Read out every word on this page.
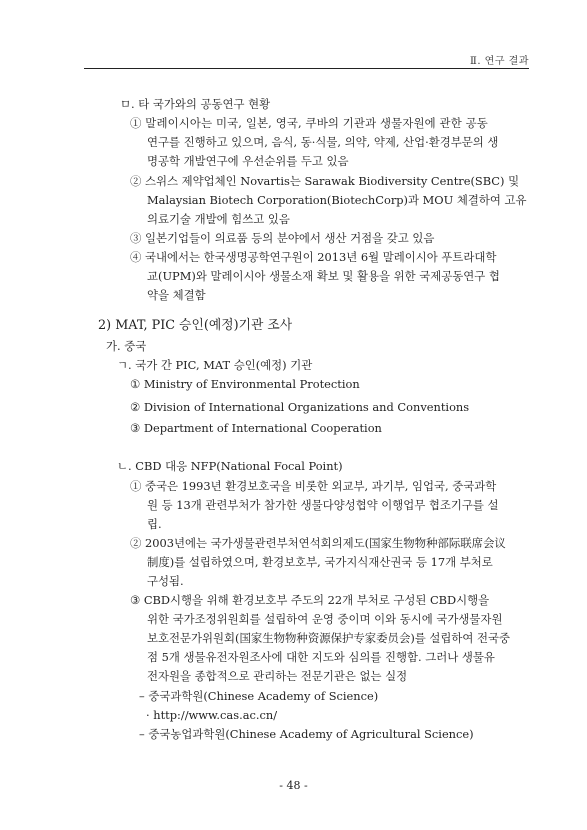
Ⅱ. 연구 결과
ㅁ. 타 국가와의 공동연구 현황
① 말레이시아는 미국, 일본, 영국, 쿠바의 기관과 생물자원에 관한 공동
연구를 진행하고 있으며, 음식, 동·식물, 의약, 약제, 산업·환경부문의 생
명공학 개발연구에 우선순위를 두고 있음
② 스위스 제약업체인 Novartis는 Sarawak Biodiversity Centre(SBC) 및
Malaysian Biotech Corporation(BiotechCorp)과 MOU 체결하여 고유
의료기술 개발에 힘쓰고 있음
③ 일본기업들이 의료품 등의 분야에서 생산 거점을 갖고 있음
④ 국내에서는 한국생명공학연구원이 2013년 6월 말레이시아 푸트라대학
교(UPM)와 말레이시아 생물소재 확보 및 활용을 위한 국제공동연구 협
약을 체결함
2) MAT, PIC 승인(예정)기관 조사
가. 중국
ㄱ. 국가 간 PIC, MAT 승인(예정) 기관
① Ministry of Environmental Protection
② Division of International Organizations and Conventions
③ Department of International Cooperation
ㄴ. CBD 대응 NFP(National Focal Point)
① 중국은 1993년 환경보호국을 비롯한 외교부, 과기부, 임업국, 중국과학
원 등 13개 관련부처가 참가한 생물다양성협약 이행업무 협조기구를 설
립.
② 2003년에는 국가생물관련부처연석회의제도(国家生物物种部际联席会议
制度)를 설립하였으며, 환경보호부, 국가지식재산권국 등 17개 부처로
구성됨.
③ CBD시행을 위해 환경보호부 주도의 22개 부처로 구성된 CBD시행을
위한 국가조정위원회를 설립하여 운영 중이며 이와 동시에 국가생물자원
보호전문가위원회(国家生物物种资源保护专家委员会)를 설립하여 전국중
점 5개 생물유전자원조사에 대한 지도와 심의를 진행함. 그러나 생물유
전자원을 종합적으로 관리하는 전문기관은 없는 실정
– 중국과학원(Chinese Academy of Science)
· http://www.cas.ac.cn/
– 중국농업과학원(Chinese Academy of Agricultural Science)
- 48 -
